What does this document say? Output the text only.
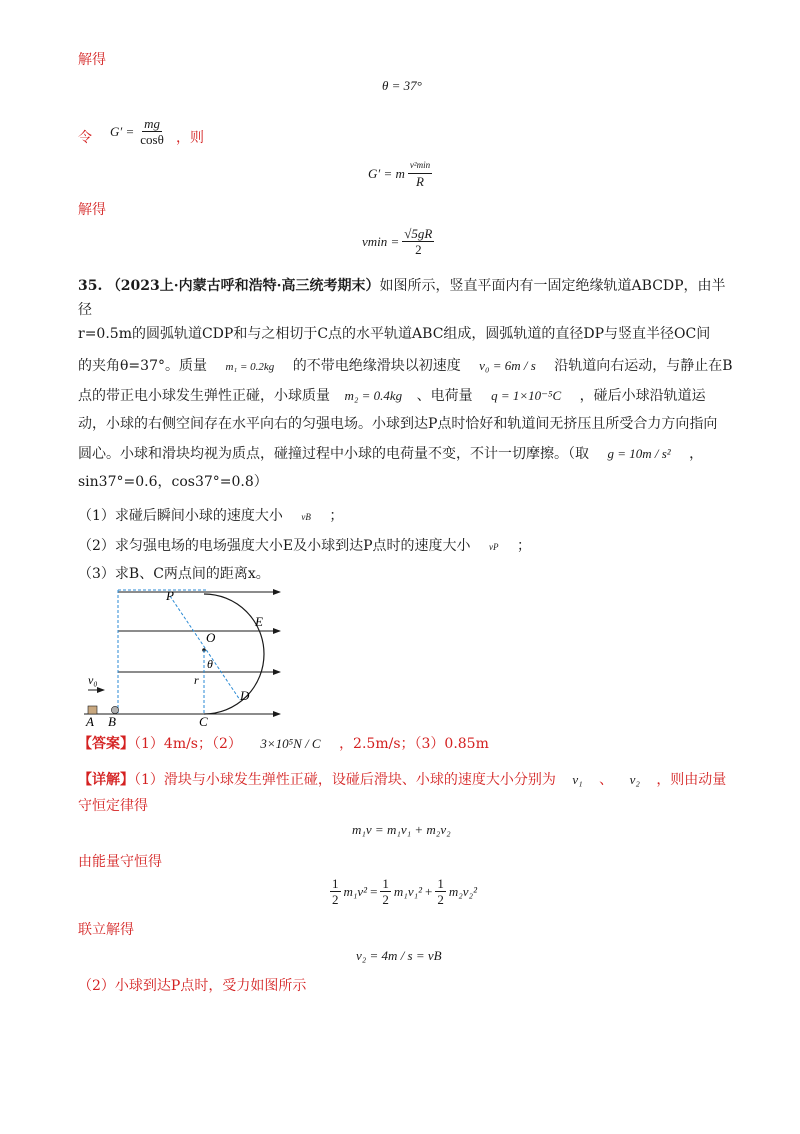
解得
θ = 37°
令 $G' = \frac{mg}{\cos\theta}$ ，则
G′ = m $\frac{\text{v²min}}{R}$
解得
$vmin = \frac{√5gR}{2}$
35. （2023上·内蒙古呼和浩特·高三统考期末）如图所示，竖直平面内有一固定绝缘轨道ABCDP，由半
径
r=0.5m的圆弧轨道CDP和与之相切于C点的水平轨道ABC组成，圆弧轨道的直径DP与竖直半径OC间
的夹角θ=37°。质量 m₁ = 0.2kg 的不带电绝缘滑块以初速度 v₀ = 6m / s 沿轨道向右运动，与静止在B
点的带正电小球发生弹性正碰，小球质量 m₂ = 0.4kg 、电荷量 q = 1×10⁻⁵C ，碰后小球沿轨道运
动，小球的右侧空间存在水平向右的匀强电场。小球到达P点时恰好和轨道间无挤压且所受合力方向指向
圆心。小球和滑块均视为质点，碰撞过程中小球的电荷量不变，不计一切摩擦。（取 g = 10m / s² ，
sin37°=0.6，cos37°=0.8）
（1）求碰后瞬间小球的速度大小 vB ；
（2）求匀强电场的电场强度大小E及小球到达P点时的速度大小 vP ；
（3）求B、C两点间的距离x。
P
O
E
θ
r
D
v₀
A B	C
【答案】（1）4m/s；（2） 3×10⁵N / C ，2.5m/s；（3）0.85m
【详解】（1）滑块与小球发生弹性正碰，设碰后滑块、小球的速度大小分别为 v₁ 、 v₂ ，则由动量
守恒定律得
m₁v = m₁v₁ + m₂v₂
由能量守恒得
$\frac{1}{2} m_1v^2 = \frac{1}{2} m_1v_1^2 + \frac{1}{2} m_2v_2^2$
联立解得
v₂ = 4m / s = vB
（2）小球到达P点时，受力如图所示
